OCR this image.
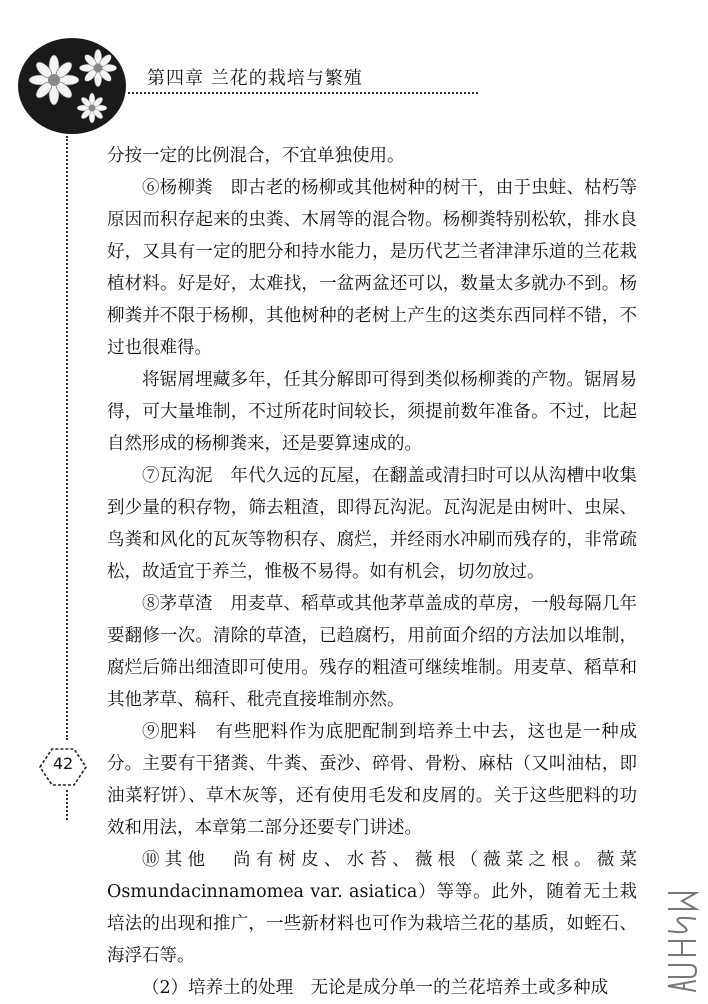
第四章 兰花的栽培与繁殖
42

分按一定的比例混合，不宜单独使用。

⑥杨柳粪　即古老的杨柳或其他树种的树干，由于虫蛀、枯朽等原因而积存起来的虫粪、木屑等的混合物。杨柳粪特别松软，排水良好，又具有一定的肥分和持水能力，是历代艺兰者津津乐道的兰花栽植材料。好是好，太难找，一盆两盆还可以，数量太多就办不到。杨柳粪并不限于杨柳，其他树种的老树上产生的这类东西同样不错，不过也很难得。

将锯屑埋藏多年，任其分解即可得到类似杨柳粪的产物。锯屑易得，可大量堆制，不过所花时间较长，须提前数年准备。不过，比起自然形成的杨柳粪来，还是要算速成的。

⑦瓦沟泥　年代久远的瓦屋，在翻盖或清扫时可以从沟槽中收集到少量的积存物，筛去粗渣，即得瓦沟泥。瓦沟泥是由树叶、虫屎、鸟粪和风化的瓦灰等物积存、腐烂，并经雨水冲刷而残存的，非常疏松，故适宜于养兰，惟极不易得。如有机会，切勿放过。

⑧茅草渣　用麦草、稻草或其他茅草盖成的草房，一般每隔几年要翻修一次。清除的草渣，已趋腐朽，用前面介绍的方法加以堆制，腐烂后筛出细渣即可使用。残存的粗渣可继续堆制。用麦草、稻草和其他茅草、稿秆、秕壳直接堆制亦然。

⑨肥料　有些肥料作为底肥配制到培养土中去，这也是一种成分。主要有干猪粪、牛粪、蚕沙、碎骨、骨粉、麻枯（又叫油枯，即油菜籽饼）、草木灰等，还有使用毛发和皮屑的。关于这些肥料的功效和用法，本章第二部分还要专门讲述。

⑩其他　尚有树皮、水苔、薇根（薇菜之根。薇菜 Osmundacinnamomea var. asiatica）等等。此外，随着无土栽培法的出现和推广，一些新材料也可作为栽培兰花的基质，如蛭石、海浮石等。

（2）培养土的处理　无论是成分单一的兰花培养土或多种成
